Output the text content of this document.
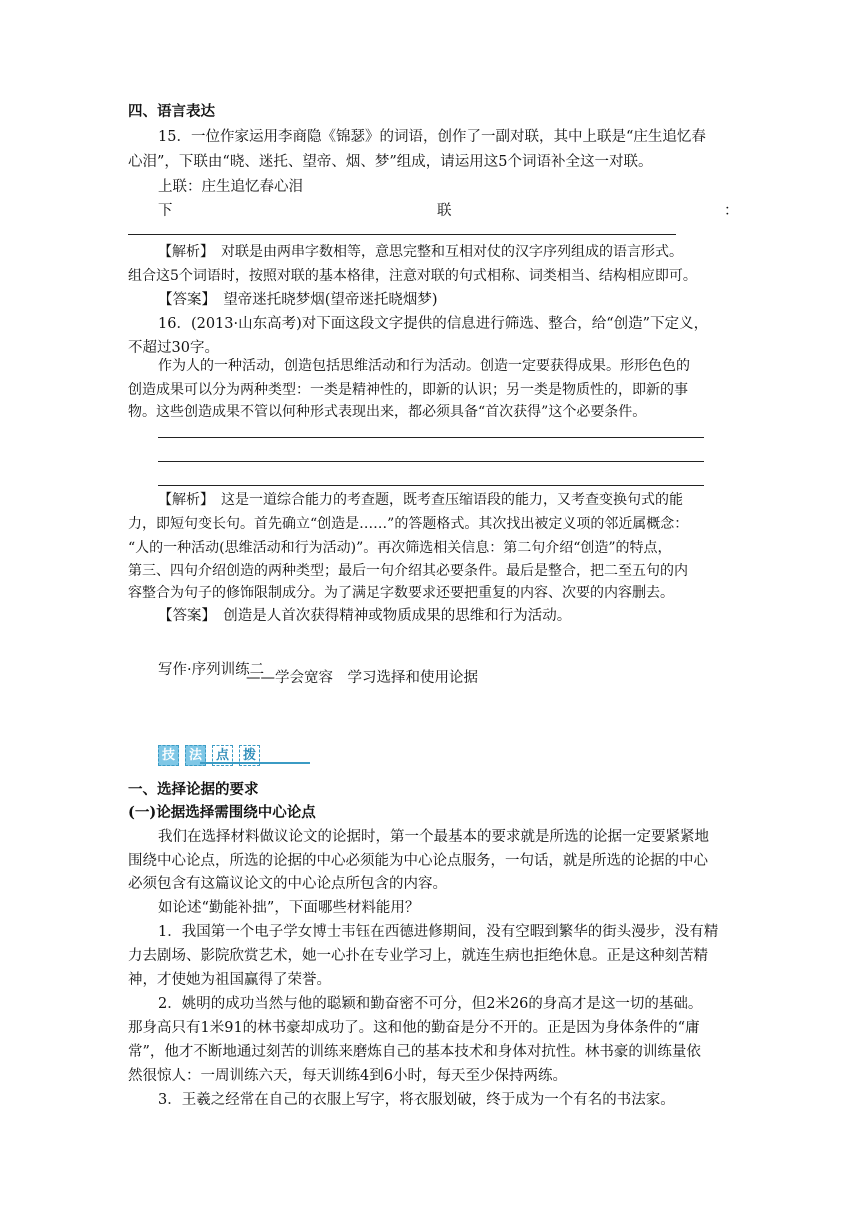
四、语言表达
15．一位作家运用李商隐《锦瑟》的词语，创作了一副对联，其中上联是“庄生追忆春
心泪”，下联由“晓、迷托、望帝、烟、梦”组成，请运用这5个词语补全这一对联。
上联：庄生追忆春心泪
下	联	：
【解析】　对联是由两串字数相等，意思完整和互相对仗的汉字序列组成的语言形式。
组合这5个词语时，按照对联的基本格律，注意对联的句式相称、词类相当、结构相应即可。
【答案】　望帝迷托晓梦烟(望帝迷托晓烟梦)
16．(2013·山东高考)对下面这段文字提供的信息进行筛选、整合，给“创造”下定义，
不超过30字。
作为人的一种活动，创造包括思维活动和行为活动。创造一定要获得成果。形形色色的
创造成果可以分为两种类型：一类是精神性的，即新的认识；另一类是物质性的，即新的事
物。这些创造成果不管以何种形式表现出来，都必须具备“首次获得”这个必要条件。
【解析】　这是一道综合能力的考查题，既考查压缩语段的能力，又考查变换句式的能
力，即短句变长句。首先确立“创造是……”的答题格式。其次找出被定义项的邻近属概念：
“人的一种活动(思维活动和行为活动)”。再次筛选相关信息：第二句介绍“创造”的特点，
第三、四句介绍创造的两种类型；最后一句介绍其必要条件。最后是整合，把二至五句的内
容整合为句子的修饰限制成分。为了满足字数要求还要把重复的内容、次要的内容删去。
【答案】　创造是人首次获得精神或物质成果的思维和行为活动。
写作·序列训练二
——学会宽容　学习选择和使用论据
技	法	点	拨
一、选择论据的要求
(一)论据选择需围绕中心论点
我们在选择材料做议论文的论据时，第一个最基本的要求就是所选的论据一定要紧紧地
围绕中心论点，所选的论据的中心必须能为中心论点服务，一句话，就是所选的论据的中心
必须包含有这篇议论文的中心论点所包含的内容。
如论述“勤能补拙”，下面哪些材料能用？
1．我国第一个电子学女博士韦钰在西德进修期间，没有空暇到繁华的街头漫步，没有精
力去剧场、影院欣赏艺术，她一心扑在专业学习上，就连生病也拒绝休息。正是这种刻苦精
神，才使她为祖国赢得了荣誉。
2．姚明的成功当然与他的聪颖和勤奋密不可分，但2米26的身高才是这一切的基础。
那身高只有1米91的林书豪却成功了。这和他的勤奋是分不开的。正是因为身体条件的“庸
常”，他才不断地通过刻苦的训练来磨炼自己的基本技术和身体对抗性。林书豪的训练量依
然很惊人：一周训练六天，每天训练4到6小时，每天至少保持两练。
3．王羲之经常在自己的衣服上写字，将衣服划破，终于成为一个有名的书法家。
